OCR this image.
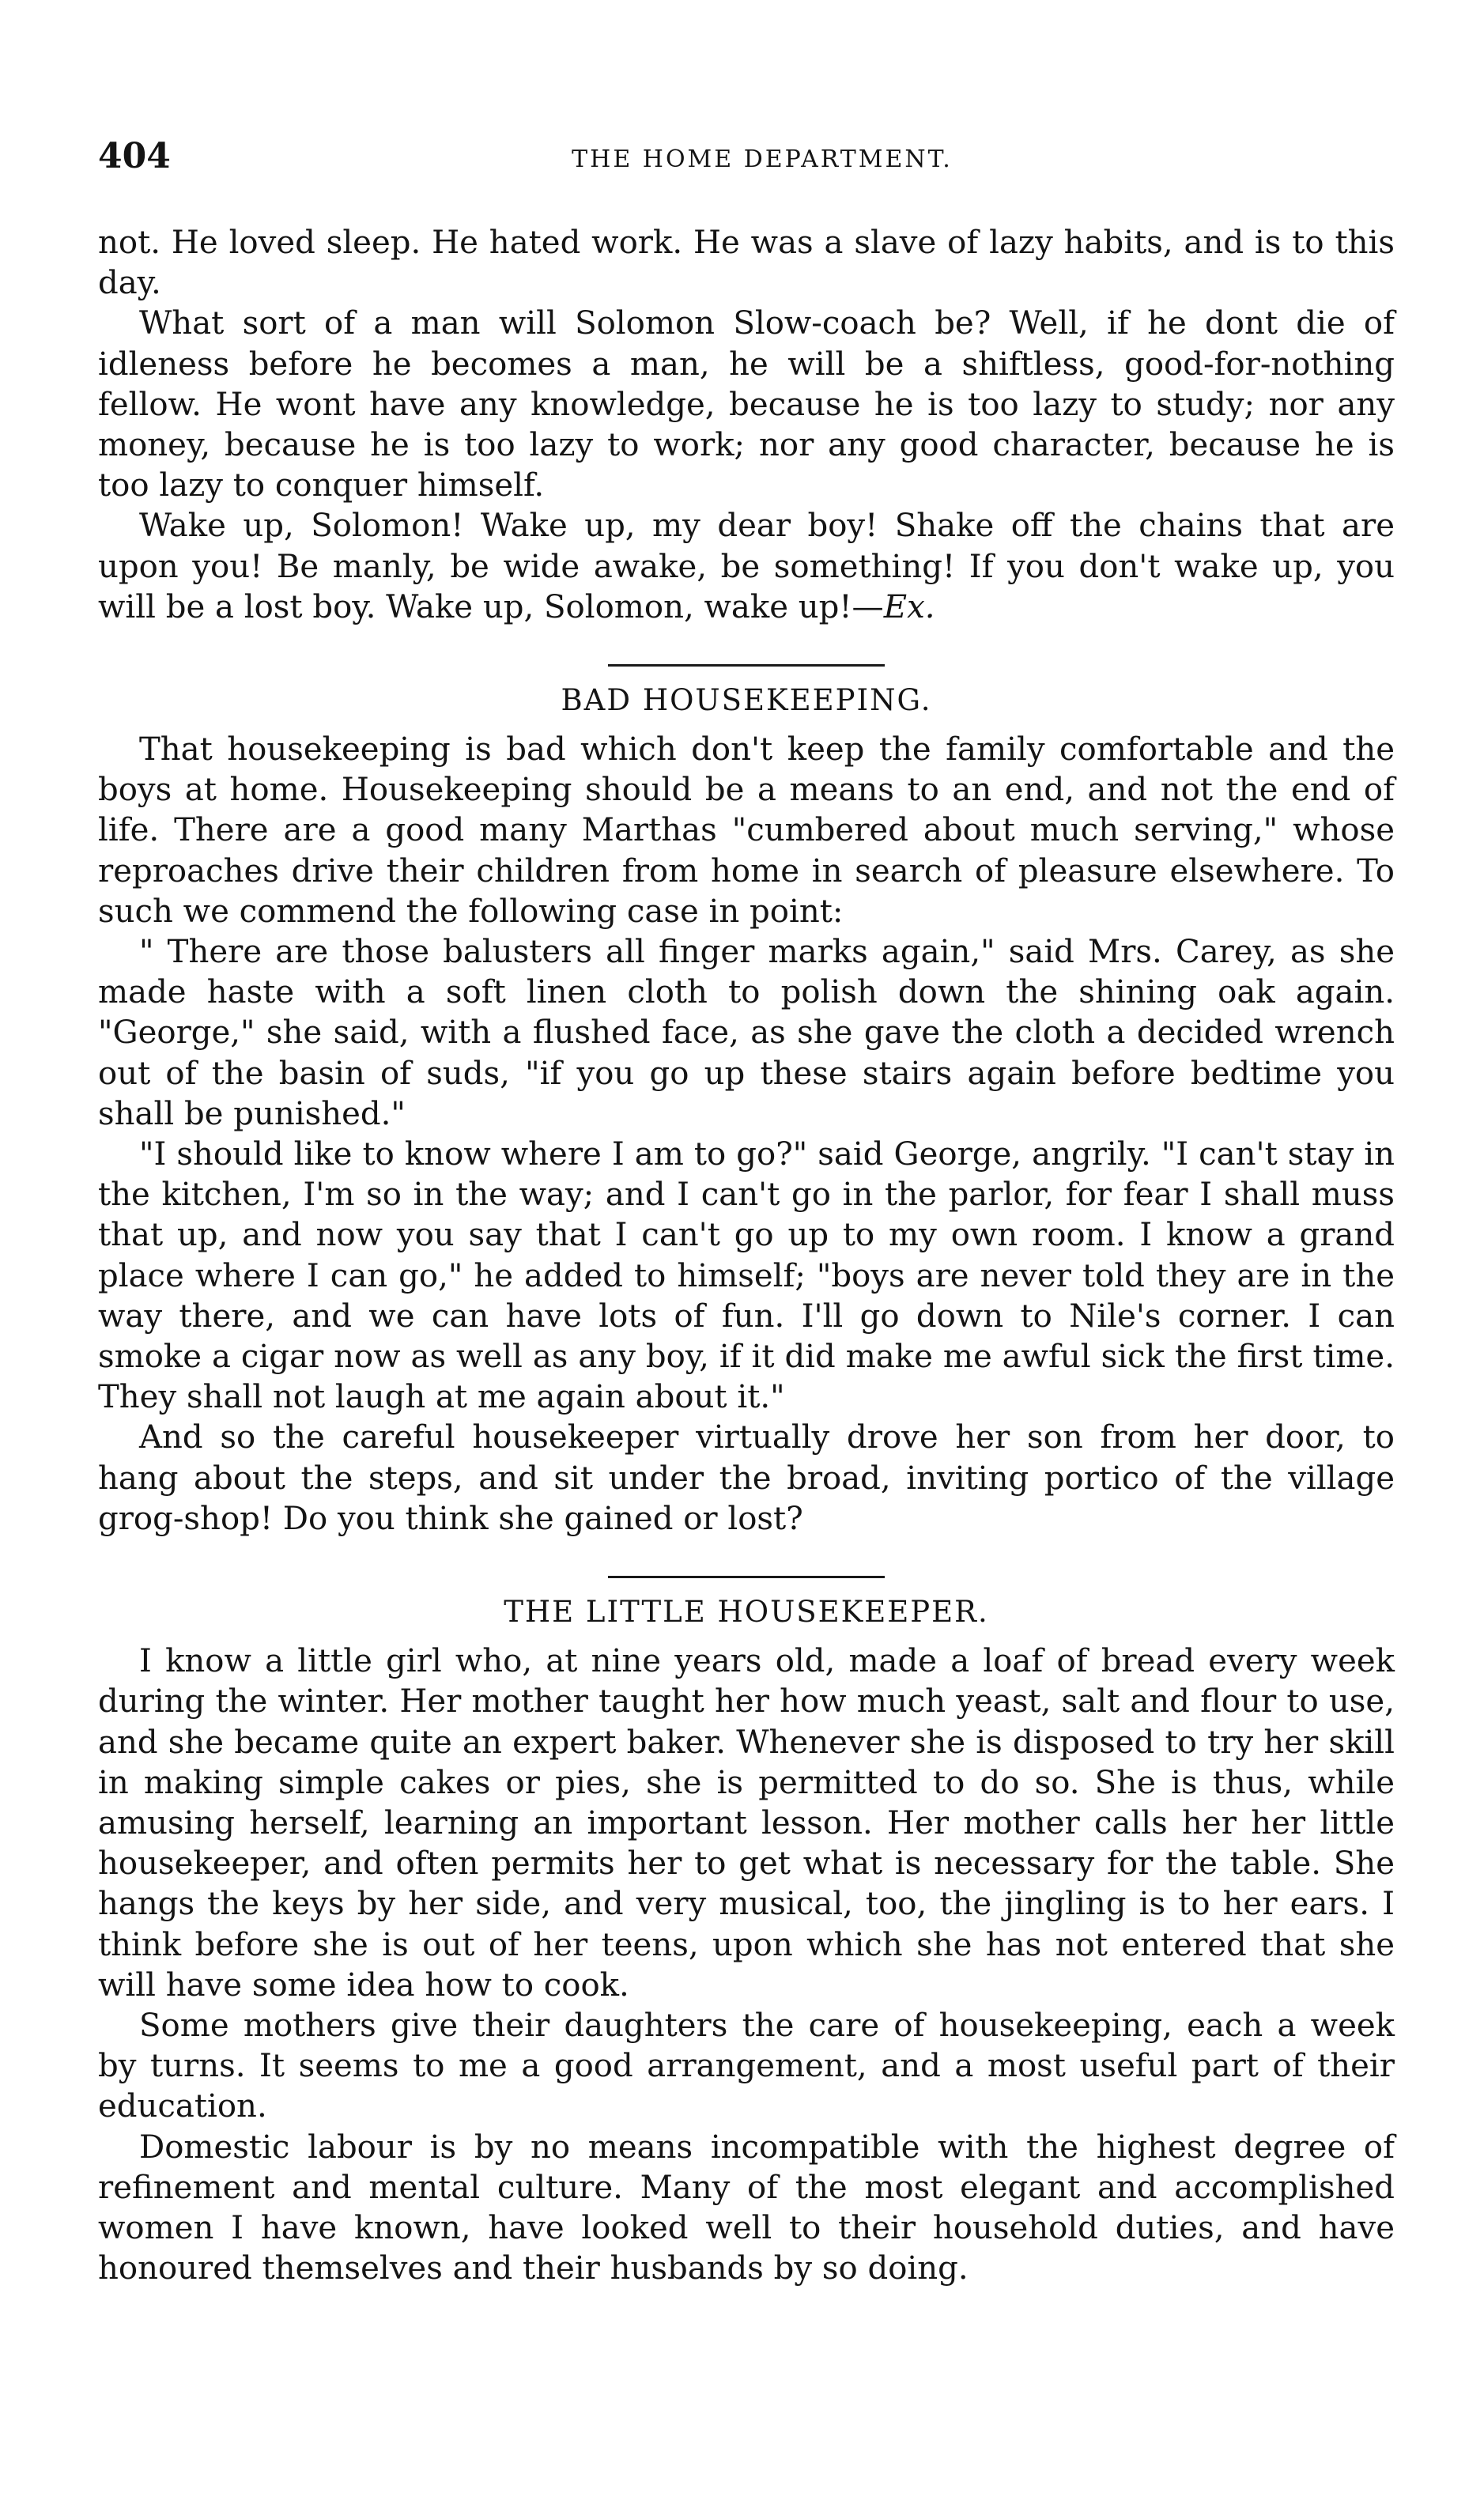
404	THE HOME DEPARTMENT.

not. He loved sleep. He hated work. He was a slave of lazy habits, and is to this day.

What sort of a man will Solomon Slow-coach be? Well, if he dont die of idleness before he becomes a man, he will be a shiftless, good-for-nothing fellow. He wont have any knowledge, because he is too lazy to study; nor any money, because he is too lazy to work; nor any good character, because he is too lazy to conquer himself.

Wake up, Solomon! Wake up, my dear boy! Shake off the chains that are upon you! Be manly, be wide awake, be something! If you don't wake up, you will be a lost boy. Wake up, Solomon, wake up!—Ex.

BAD HOUSEKEEPING.

That housekeeping is bad which don't keep the family comfortable and the boys at home. Housekeeping should be a means to an end, and not the end of life. There are a good many Marthas "cumbered about much serving," whose reproaches drive their children from home in search of pleasure elsewhere. To such we commend the following case in point:

" There are those balusters all finger marks again," said Mrs. Carey, as she made haste with a soft linen cloth to polish down the shining oak again. "George," she said, with a flushed face, as she gave the cloth a decided wrench out of the basin of suds, "if you go up these stairs again before bedtime you shall be punished."

"I should like to know where I am to go?" said George, angrily. "I can't stay in the kitchen, I'm so in the way; and I can't go in the parlor, for fear I shall muss that up, and now you say that I can't go up to my own room. I know a grand place where I can go," he added to himself; "boys are never told they are in the way there, and we can have lots of fun. I'll go down to Nile's corner. I can smoke a cigar now as well as any boy, if it did make me awful sick the first time. They shall not laugh at me again about it."

And so the careful housekeeper virtually drove her son from her door, to hang about the steps, and sit under the broad, inviting portico of the village grog-shop! Do you think she gained or lost?

THE LITTLE HOUSEKEEPER.

I know a little girl who, at nine years old, made a loaf of bread every week during the winter. Her mother taught her how much yeast, salt and flour to use, and she became quite an expert baker. Whenever she is disposed to try her skill in making simple cakes or pies, she is permitted to do so. She is thus, while amusing herself, learning an important lesson. Her mother calls her her little housekeeper, and often permits her to get what is necessary for the table. She hangs the keys by her side, and very musical, too, the jingling is to her ears. I think before she is out of her teens, upon which she has not entered that she will have some idea how to cook.

Some mothers give their daughters the care of housekeeping, each a week by turns. It seems to me a good arrangement, and a most useful part of their education.

Domestic labour is by no means incompatible with the highest degree of refinement and mental culture. Many of the most elegant and accomplished women I have known, have looked well to their household duties, and have honoured themselves and their husbands by so doing.
